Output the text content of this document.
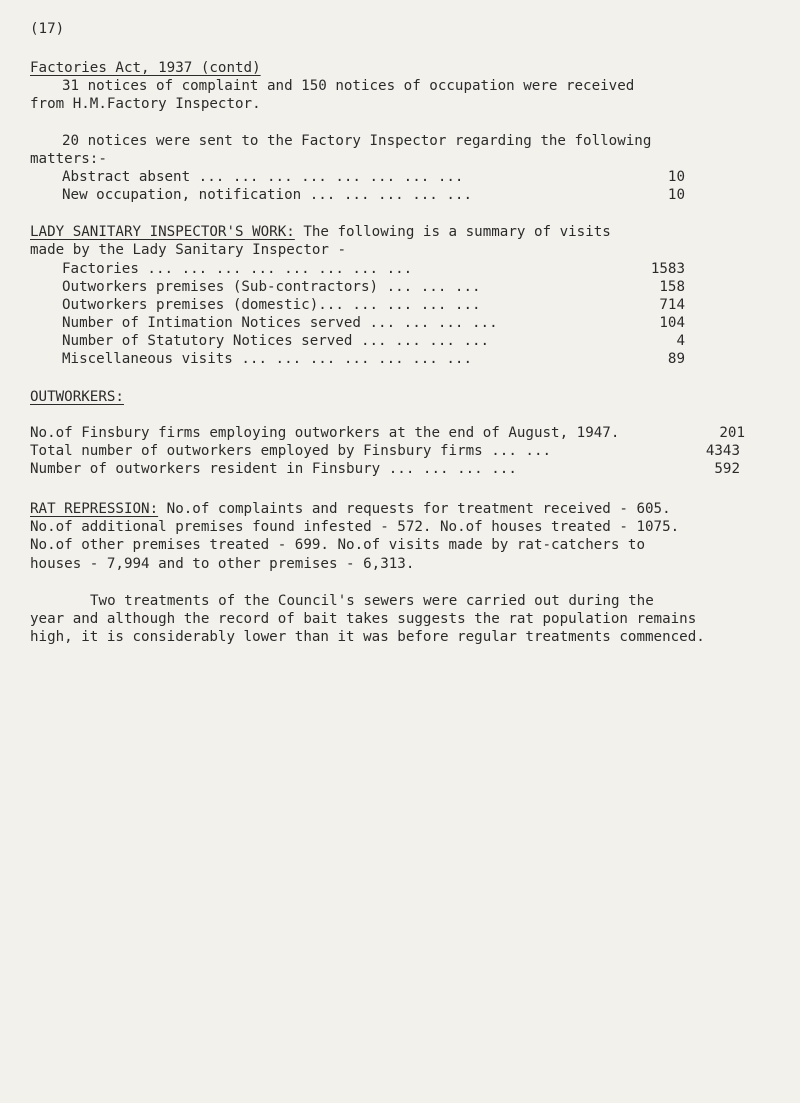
(17)
Factories Act, 1937 (contd)
31 notices of complaint and 150 notices of occupation were received
from H.M.Factory Inspector.
20 notices were sent to the Factory Inspector regarding the following
matters:-
Abstract absent ... ... ... ... ... ... ... ...	10
New occupation, notification ... ... ... ... ...	10
LADY SANITARY INSPECTOR'S WORK: The following is a summary of visits
made by the Lady Sanitary Inspector -
Factories ... ... ... ... ... ... ... ...	1583
Outworkers premises (Sub-contractors) ... ... ...	158
Outworkers premises (domestic)... ... ... ... ...	714
Number of Intimation Notices served ... ... ... ...	104
Number of Statutory Notices served ... ... ... ...	4
Miscellaneous visits ... ... ... ... ... ... ...	89
OUTWORKERS:
No.of Finsbury firms employing outworkers at the end of August, 1947.	201
Total number of outworkers employed by Finsbury firms ... ...	4343
Number of outworkers resident in Finsbury ... ... ... ...	592
RAT REPRESSION: No.of complaints and requests for treatment received - 605.
No.of additional premises found infested - 572. No.of houses treated - 1075.
No.of other premises treated - 699. No.of visits made by rat-catchers to
houses - 7,994 and to other premises - 6,313.
Two treatments of the Council's sewers were carried out during the
year and although the record of bait takes suggests the rat population remains
high, it is considerably lower than it was before regular treatments commenced.
